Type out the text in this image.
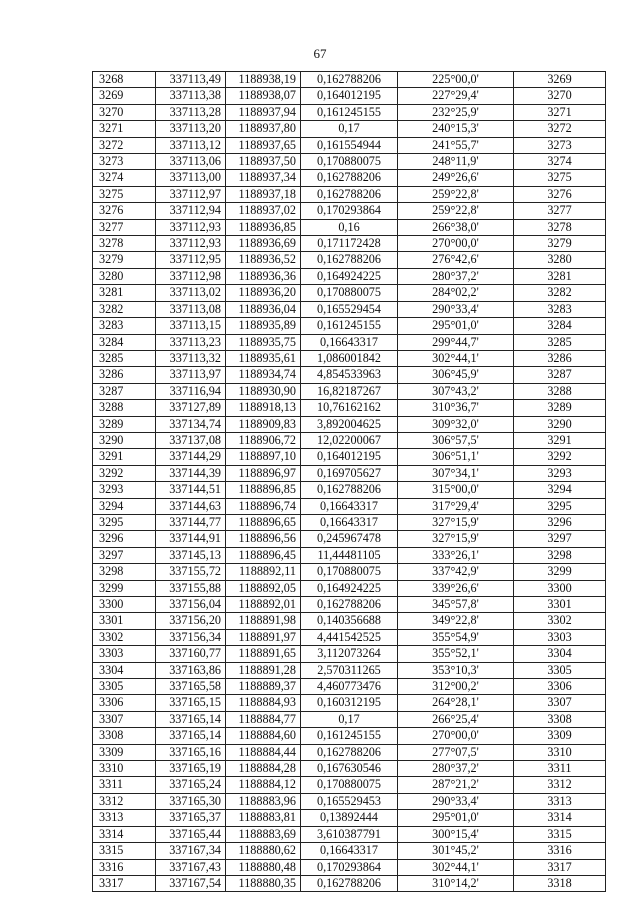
67
3268	337113,49	1188938,19	0,162788206	225°00,0'	3269
3269	337113,38	1188938,07	0,164012195	227°29,4'	3270
3270	337113,28	1188937,94	0,161245155	232°25,9'	3271
3271	337113,20	1188937,80	0,17	240°15,3'	3272
3272	337113,12	1188937,65	0,161554944	241°55,7'	3273
3273	337113,06	1188937,50	0,170880075	248°11,9'	3274
3274	337113,00	1188937,34	0,162788206	249°26,6'	3275
3275	337112,97	1188937,18	0,162788206	259°22,8'	3276
3276	337112,94	1188937,02	0,170293864	259°22,8'	3277
3277	337112,93	1188936,85	0,16	266°38,0'	3278
3278	337112,93	1188936,69	0,171172428	270°00,0'	3279
3279	337112,95	1188936,52	0,162788206	276°42,6'	3280
3280	337112,98	1188936,36	0,164924225	280°37,2'	3281
3281	337113,02	1188936,20	0,170880075	284°02,2'	3282
3282	337113,08	1188936,04	0,165529454	290°33,4'	3283
3283	337113,15	1188935,89	0,161245155	295°01,0'	3284
3284	337113,23	1188935,75	0,16643317	299°44,7'	3285
3285	337113,32	1188935,61	1,086001842	302°44,1'	3286
3286	337113,97	1188934,74	4,854533963	306°45,9'	3287
3287	337116,94	1188930,90	16,82187267	307°43,2'	3288
3288	337127,89	1188918,13	10,76162162	310°36,7'	3289
3289	337134,74	1188909,83	3,892004625	309°32,0'	3290
3290	337137,08	1188906,72	12,02200067	306°57,5'	3291
3291	337144,29	1188897,10	0,164012195	306°51,1'	3292
3292	337144,39	1188896,97	0,169705627	307°34,1'	3293
3293	337144,51	1188896,85	0,162788206	315°00,0'	3294
3294	337144,63	1188896,74	0,16643317	317°29,4'	3295
3295	337144,77	1188896,65	0,16643317	327°15,9'	3296
3296	337144,91	1188896,56	0,245967478	327°15,9'	3297
3297	337145,13	1188896,45	11,44481105	333°26,1'	3298
3298	337155,72	1188892,11	0,170880075	337°42,9'	3299
3299	337155,88	1188892,05	0,164924225	339°26,6'	3300
3300	337156,04	1188892,01	0,162788206	345°57,8'	3301
3301	337156,20	1188891,98	0,140356688	349°22,8'	3302
3302	337156,34	1188891,97	4,441542525	355°54,9'	3303
3303	337160,77	1188891,65	3,112073264	355°52,1'	3304
3304	337163,86	1188891,28	2,570311265	353°10,3'	3305
3305	337165,58	1188889,37	4,460773476	312°00,2'	3306
3306	337165,15	1188884,93	0,160312195	264°28,1'	3307
3307	337165,14	1188884,77	0,17	266°25,4'	3308
3308	337165,14	1188884,60	0,161245155	270°00,0'	3309
3309	337165,16	1188884,44	0,162788206	277°07,5'	3310
3310	337165,19	1188884,28	0,167630546	280°37,2'	3311
3311	337165,24	1188884,12	0,170880075	287°21,2'	3312
3312	337165,30	1188883,96	0,165529453	290°33,4'	3313
3313	337165,37	1188883,81	0,13892444	295°01,0'	3314
3314	337165,44	1188883,69	3,610387791	300°15,4'	3315
3315	337167,34	1188880,62	0,16643317	301°45,2'	3316
3316	337167,43	1188880,48	0,170293864	302°44,1'	3317
3317	337167,54	1188880,35	0,162788206	310°14,2'	3318
